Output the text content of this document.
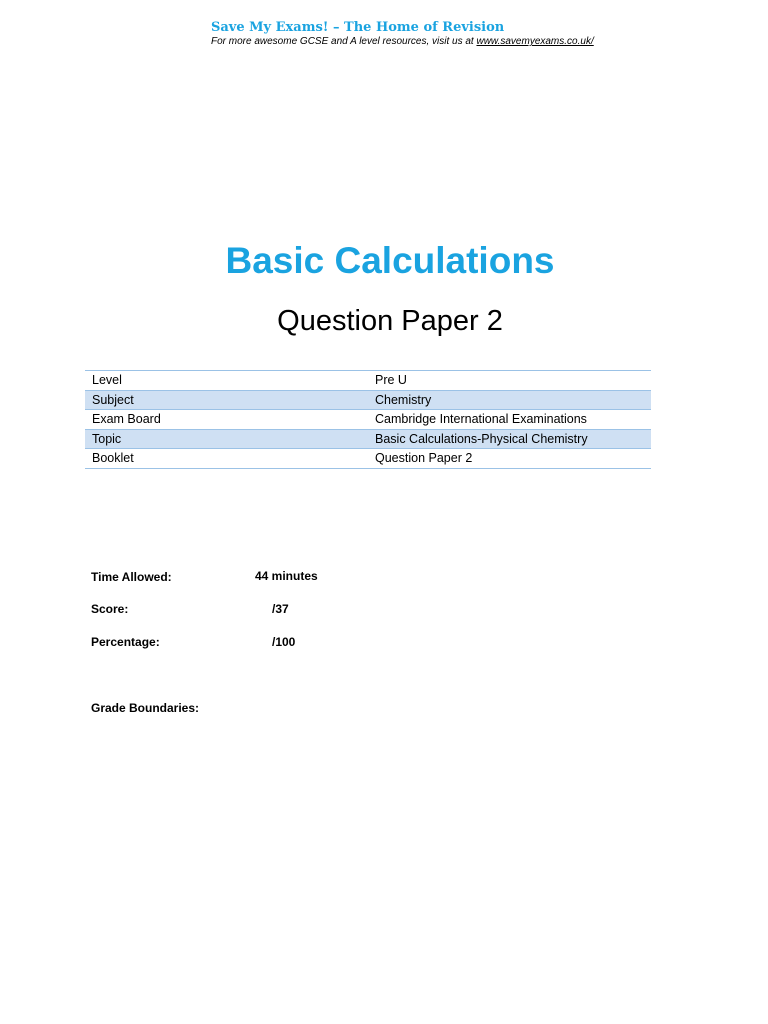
Save My Exams! – The Home of Revision
For more awesome GCSE and A level resources, visit us at www.savemyexams.co.uk/
Basic Calculations
Question Paper 2
Level	Pre U
Subject	Chemistry
Exam Board	Cambridge International Examinations
Topic	Basic Calculations-Physical Chemistry
Booklet	Question Paper 2
Time Allowed:	44 minutes
Score:	/37
Percentage:	/100
Grade Boundaries:
